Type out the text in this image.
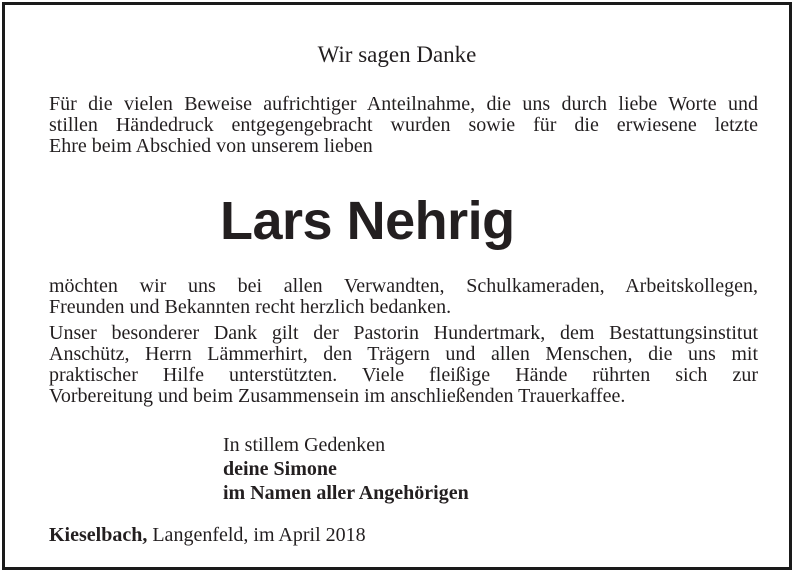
Wir sagen Danke
Für die vielen Beweise aufrichtiger Anteilnahme, die uns durch liebe Worte und
stillen Händedruck entgegengebracht wurden sowie für die erwiesene letzte
Ehre beim Abschied von unserem lieben
Lars Nehrig
möchten wir uns bei allen Verwandten, Schulkameraden, Arbeitskollegen,
Freunden und Bekannten recht herzlich bedanken.
Unser besonderer Dank gilt der Pastorin Hundertmark, dem Bestattungsinstitut
Anschütz, Herrn Lämmerhirt, den Trägern und allen Menschen, die uns mit
praktischer Hilfe unterstützten. Viele fleißige Hände rührten sich zur
Vorbereitung und beim Zusammensein im anschließenden Trauerkaffee.
In stillem Gedenken
deine Simone
im Namen aller Angehörigen
Kieselbach, Langenfeld, im April 2018
